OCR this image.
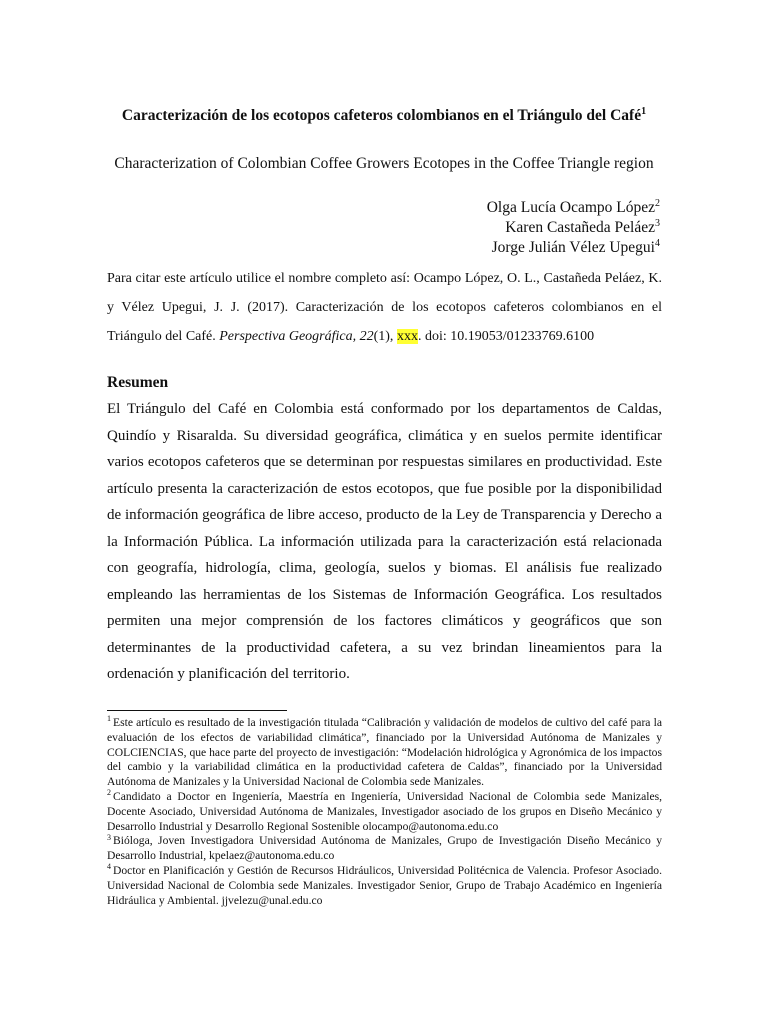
Caracterización de los ecotopos cafeteros colombianos en el Triángulo del Café$^1$
Characterization of Colombian Coffee Growers Ecotopes in the Coffee Triangle region
Olga Lucía Ocampo López$^2$
Karen Castañeda Peláez$^3$
Jorge Julián Vélez Upegui$^4$

Para citar este artículo utilice el nombre completo así: Ocampo López, O. L., Castañeda Peláez, K. y Vélez Upegui, J. J. (2017). Caracterización de los ecotopos cafeteros colombianos en el Triángulo del Café. Perspectiva Geográfica, 22(1), xxx. doi: 10.19053/01233769.6100

Resumen

El Triángulo del Café en Colombia está conformado por los departamentos de Caldas, Quindío y Risaralda. Su diversidad geográfica, climática y en suelos permite identificar varios ecotopos cafeteros que se determinan por respuestas similares en productividad. Este artículo presenta la caracterización de estos ecotopos, que fue posible por la disponibilidad de información geográfica de libre acceso, producto de la Ley de Transparencia y Derecho a la Información Pública. La información utilizada para la caracterización está relacionada con geografía, hidrología, clima, geología, suelos y biomas. El análisis fue realizado empleando las herramientas de los Sistemas de Información Geográfica. Los resultados permiten una mejor comprensión de los factores climáticos y geográficos que son determinantes de la productividad cafetera, a su vez brindan lineamientos para la ordenación y planificación del territorio.

$^1$ Este artículo es resultado de la investigación titulada “Calibración y validación de modelos de cultivo del café para la evaluación de los efectos de variabilidad climática”, financiado por la Universidad Autónoma de Manizales y COLCIENCIAS, que hace parte del proyecto de investigación: “Modelación hidrológica y Agronómica de los impactos del cambio y la variabilidad climática en la productividad cafetera de Caldas”, financiado por la Universidad Autónoma de Manizales y la Universidad Nacional de Colombia sede Manizales.

$^2$ Candidato a Doctor en Ingeniería, Maestría en Ingeniería, Universidad Nacional de Colombia sede Manizales, Docente Asociado, Universidad Autónoma de Manizales, Investigador asociado de los grupos en Diseño Mecánico y Desarrollo Industrial y Desarrollo Regional Sostenible olocampo@autonoma.edu.co

$^3$ Bióloga, Joven Investigadora Universidad Autónoma de Manizales, Grupo de Investigación Diseño Mecánico y Desarrollo Industrial, kpelaez@autonoma.edu.co

$^4$ Doctor en Planificación y Gestión de Recursos Hidráulicos, Universidad Politécnica de Valencia. Profesor Asociado. Universidad Nacional de Colombia sede Manizales. Investigador Senior, Grupo de Trabajo Académico en Ingeniería Hidráulica y Ambiental. jjvelezu@unal.edu.co
